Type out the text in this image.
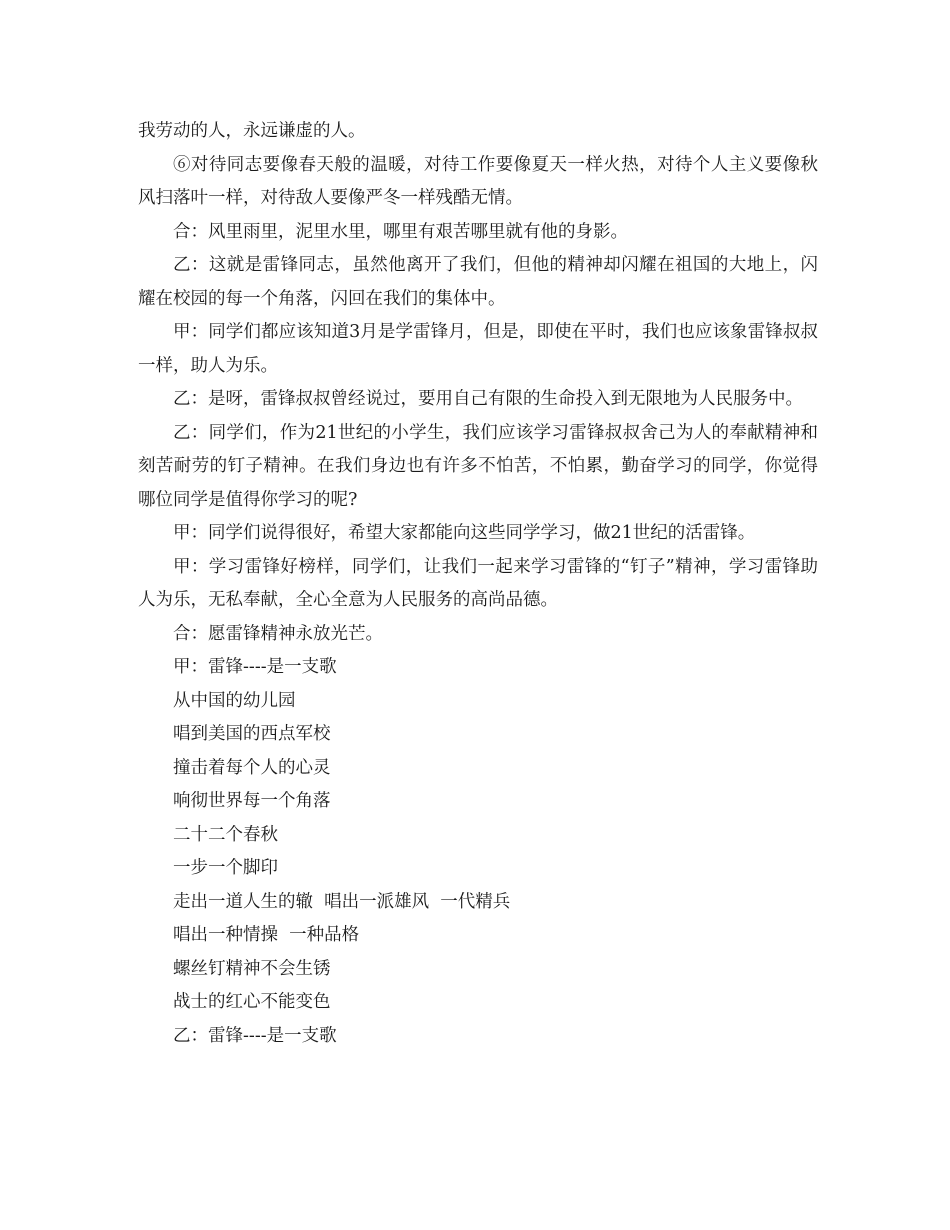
我劳动的人，永远谦虚的人。

⑥对待同志要像春天般的温暖，对待工作要像夏天一样火热，对待个人主义要像秋风扫落叶一样，对待敌人要像严冬一样残酷无情。

合：风里雨里，泥里水里，哪里有艰苦哪里就有他的身影。

乙：这就是雷锋同志，虽然他离开了我们，但他的精神却闪耀在祖国的大地上，闪耀在校园的每一个角落，闪回在我们的集体中。

甲：同学们都应该知道3月是学雷锋月，但是，即使在平时，我们也应该象雷锋叔叔一样，助人为乐。

乙：是呀，雷锋叔叔曾经说过，要用自己有限的生命投入到无限地为人民服务中。

乙：同学们，作为21世纪的小学生，我们应该学习雷锋叔叔舍己为人的奉献精神和刻苦耐劳的钉子精神。在我们身边也有许多不怕苦，不怕累，勤奋学习的同学，你觉得哪位同学是值得你学习的呢?

甲：同学们说得很好，希望大家都能向这些同学学习，做21世纪的活雷锋。

甲：学习雷锋好榜样，同学们，让我们一起来学习雷锋的“钉子”精神，学习雷锋助人为乐，无私奉献，全心全意为人民服务的高尚品德。

合：愿雷锋精神永放光芒。

甲：雷锋----是一支歌

从中国的幼儿园

唱到美国的西点军校

撞击着每个人的心灵

响彻世界每一个角落

二十二个春秋

一步一个脚印

走出一道人生的辙  唱出一派雄风  一代精兵

唱出一种情操  一种品格

螺丝钉精神不会生锈

战士的红心不能变色

乙：雷锋----是一支歌
